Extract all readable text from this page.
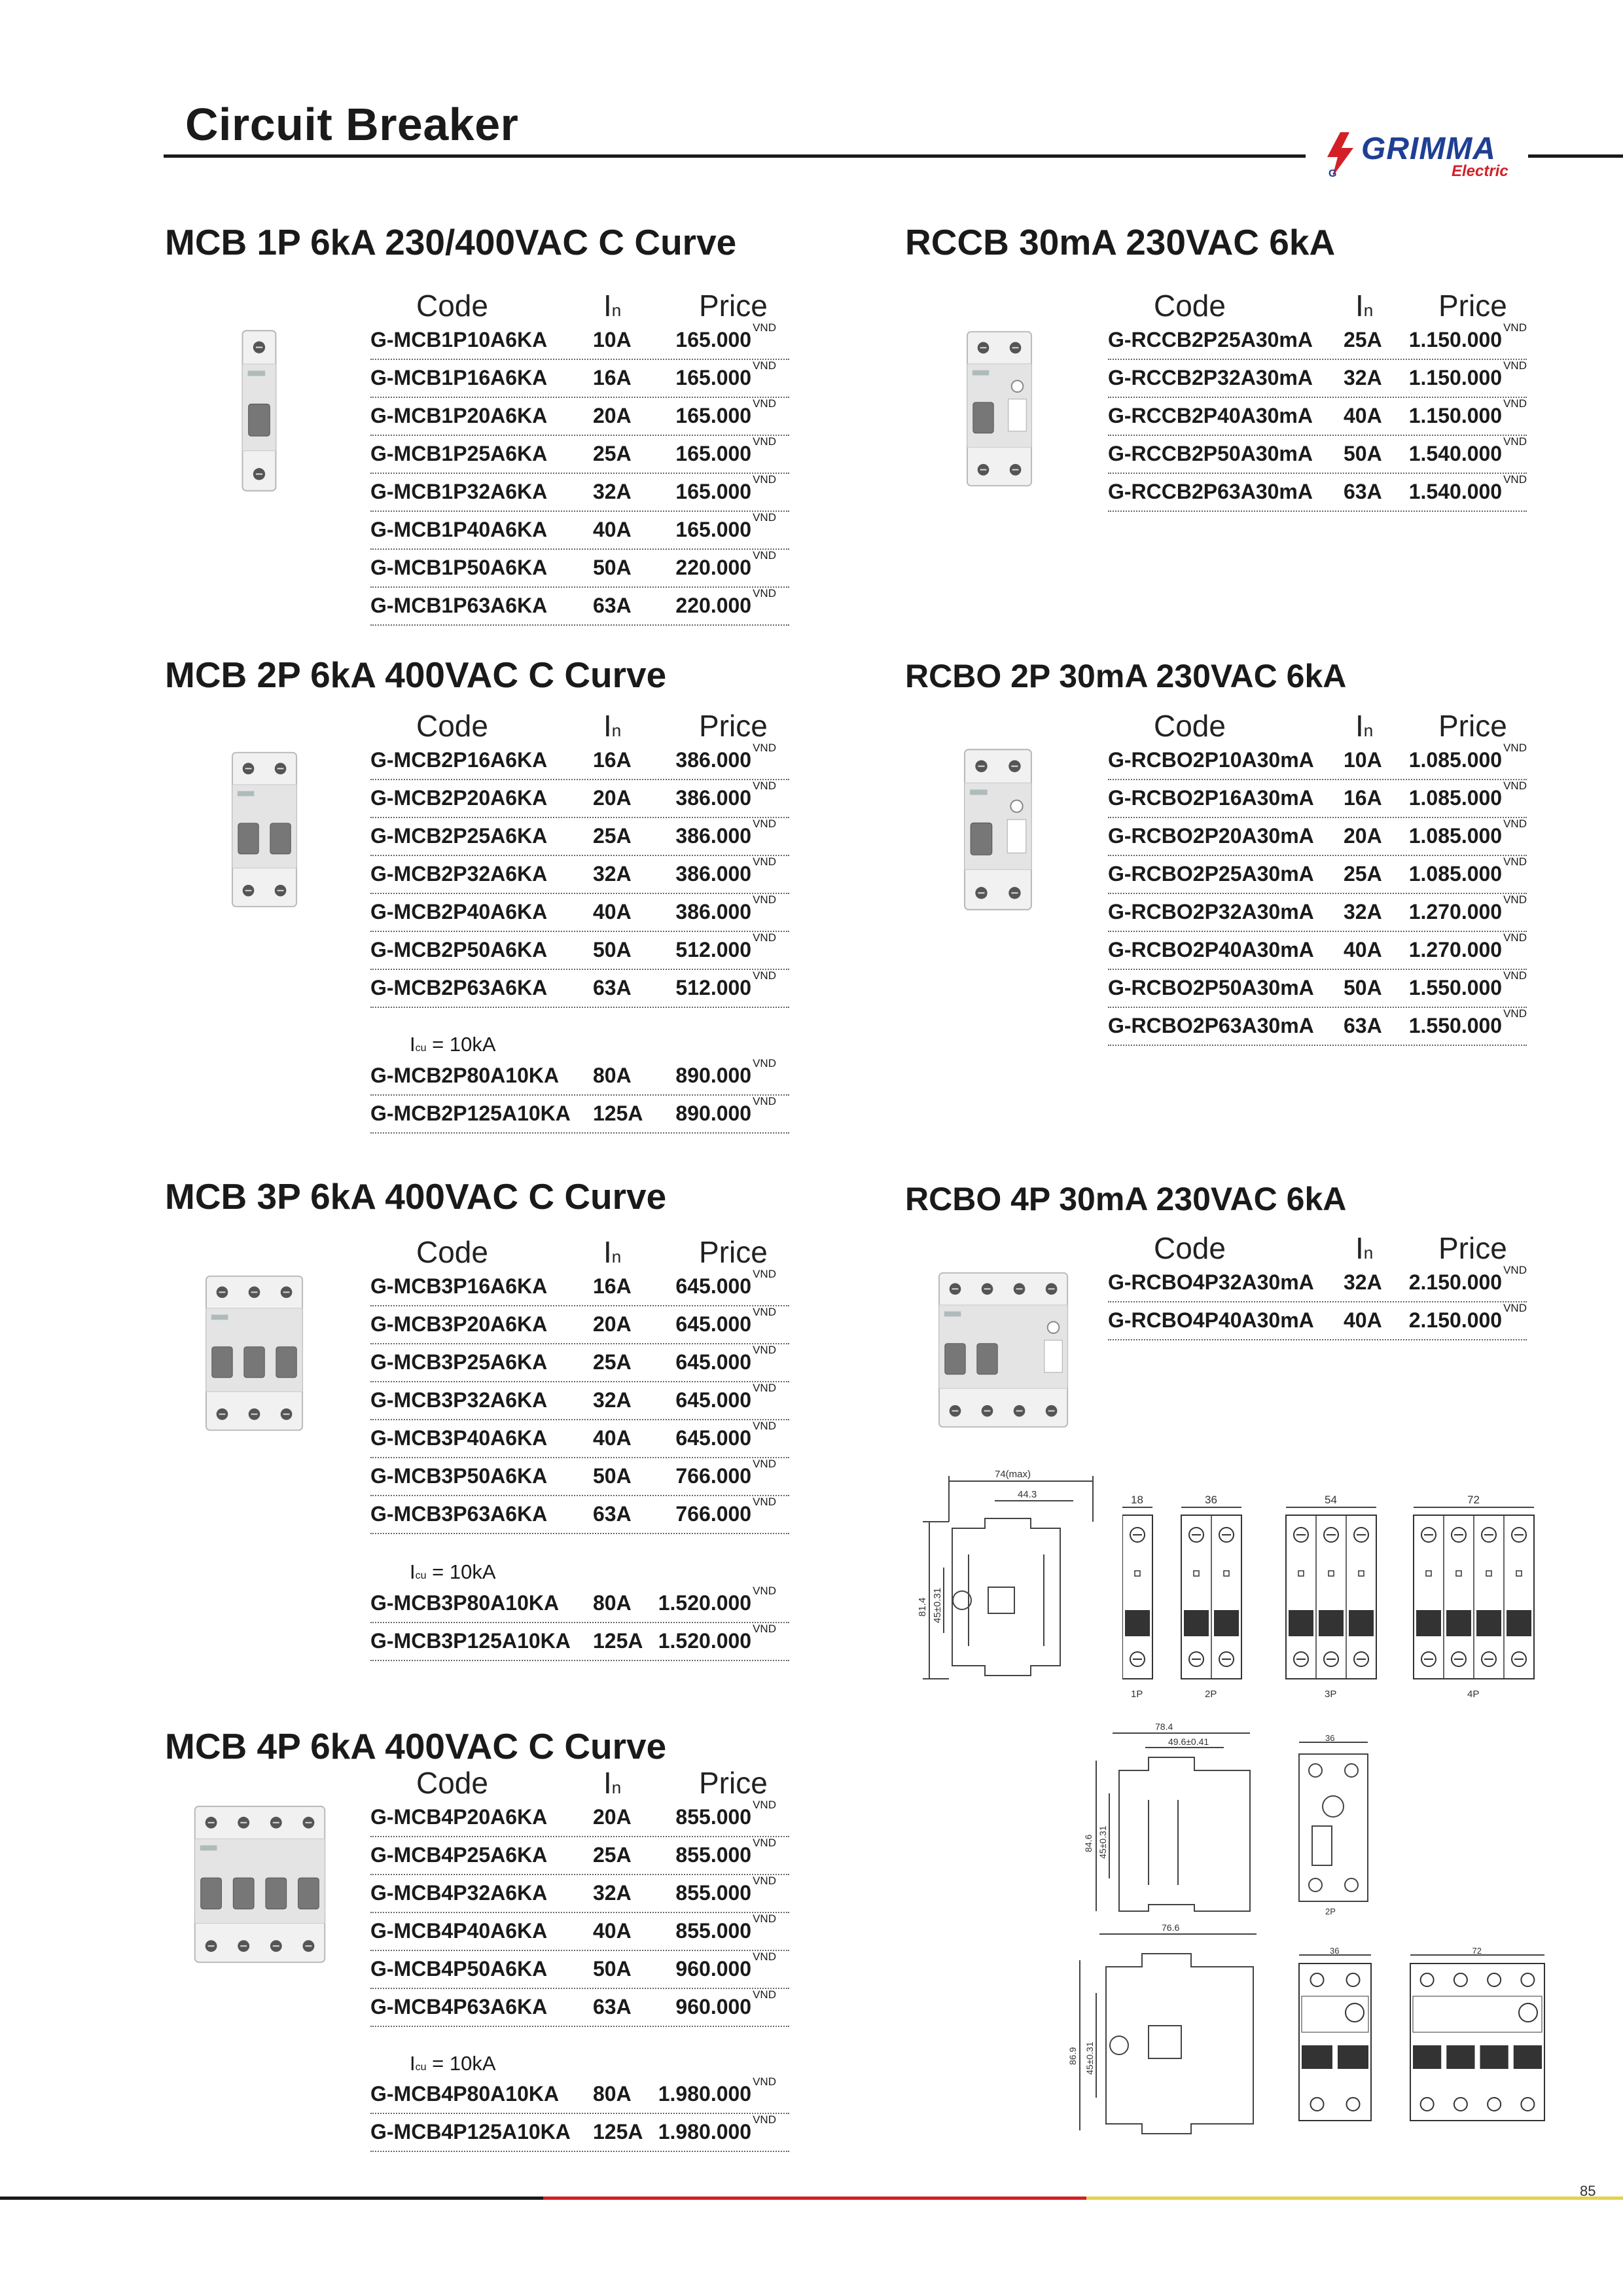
Circuit Breaker
G
GRIMMA
Electric
MCB 1P 6kA 230/400VAC C Curve
Code	In	Price
G-MCB1P10A6KA 10A $165.000^{VND}$
G-MCB1P16A6KA 16A $165.000^{VND}$
G-MCB1P20A6KA 20A $165.000^{VND}$
G-MCB1P25A6KA 25A $165.000^{VND}$
G-MCB1P32A6KA 32A $165.000^{VND}$
G-MCB1P40A6KA 40A $165.000^{VND}$
G-MCB1P50A6KA 50A $220.000^{VND}$
G-MCB1P63A6KA 63A $220.000^{VND}$
RCCB 30mA 230VAC 6kA
Code	In Price
G-RCCB2P25A30mA 25A $1.150.000^{VND}$
G-RCCB2P32A30mA 32A $1.150.000^{VND}$
G-RCCB2P40A30mA 40A $1.150.000^{VND}$
G-RCCB2P50A30mA 50A $1.540.000^{VND}$
G-RCCB2P63A30mA 63A $1.540.000^{VND}$
MCB 2P 6kA 400VAC C Curve
Code	In	Price
G-MCB2P16A6KA 16A $386.000^{VND}$
G-MCB2P20A6KA 20A $386.000^{VND}$
G-MCB2P25A6KA 25A $386.000^{VND}$
G-MCB2P32A6KA 32A $386.000^{VND}$
G-MCB2P40A6KA 40A $386.000^{VND}$
G-MCB2P50A6KA 50A $512.000^{VND}$
G-MCB2P63A6KA 63A $512.000^{VND}$
Icu = 10kA
G-MCB2P80A10KA 80A $890.000^{VND}$
G-MCB2P125A10KA 125A $890.000^{VND}$
RCBO 2P 30mA 230VAC 6kA
Code	In Price
G-RCBO2P10A30mA 10A $1.085.000^{VND}$
G-RCBO2P16A30mA 16A $1.085.000^{VND}$
G-RCBO2P20A30mA 20A $1.085.000^{VND}$
G-RCBO2P25A30mA 25A $1.085.000^{VND}$
G-RCBO2P32A30mA 32A $1.270.000^{VND}$
G-RCBO2P40A30mA 40A $1.270.000^{VND}$
G-RCBO2P50A30mA 50A $1.550.000^{VND}$
G-RCBO2P63A30mA 63A $1.550.000^{VND}$
MCB 3P 6kA 400VAC C Curve
Code	In	Price
G-MCB3P16A6KA 16A $645.000^{VND}$
G-MCB3P20A6KA 20A $645.000^{VND}$
G-MCB3P25A6KA 25A $645.000^{VND}$
G-MCB3P32A6KA 32A $645.000^{VND}$
G-MCB3P40A6KA 40A $645.000^{VND}$
G-MCB3P50A6KA 50A $766.000^{VND}$
G-MCB3P63A6KA 63A $766.000^{VND}$
Icu = 10kA
G-MCB3P80A10KA 80A $1.520.000^{VND}$
G-MCB3P125A10KA 125A $1.520.000^{VND}$
RCBO 4P 30mA 230VAC 6kA
Code	In Price
G-RCBO4P32A30mA 32A $2.150.000^{VND}$
G-RCBO4P40A30mA 40A $2.150.000^{VND}$
MCB 4P 6kA 400VAC C Curve
Code	In	Price
G-MCB4P20A6KA 20A $855.000^{VND}$
G-MCB4P25A6KA 25A $855.000^{VND}$
G-MCB4P32A6KA 32A $855.000^{VND}$
G-MCB4P40A6KA 40A $855.000^{VND}$
G-MCB4P50A6KA 50A $960.000^{VND}$
G-MCB4P63A6KA 63A $960.000^{VND}$
Icu = 10kA
G-MCB4P80A10KA 80A $1.980.000^{VND}$
G-MCB4P125A10KA 125A $1.980.000^{VND}$
74(max)
44.3
81.4 45±0.31
18
1P
36
2P
54
3P
72
4P
78.4
49.6±0.41
84.6 45±0.31
36
2P
76.6
86.9 45±0.31
36	72
85
